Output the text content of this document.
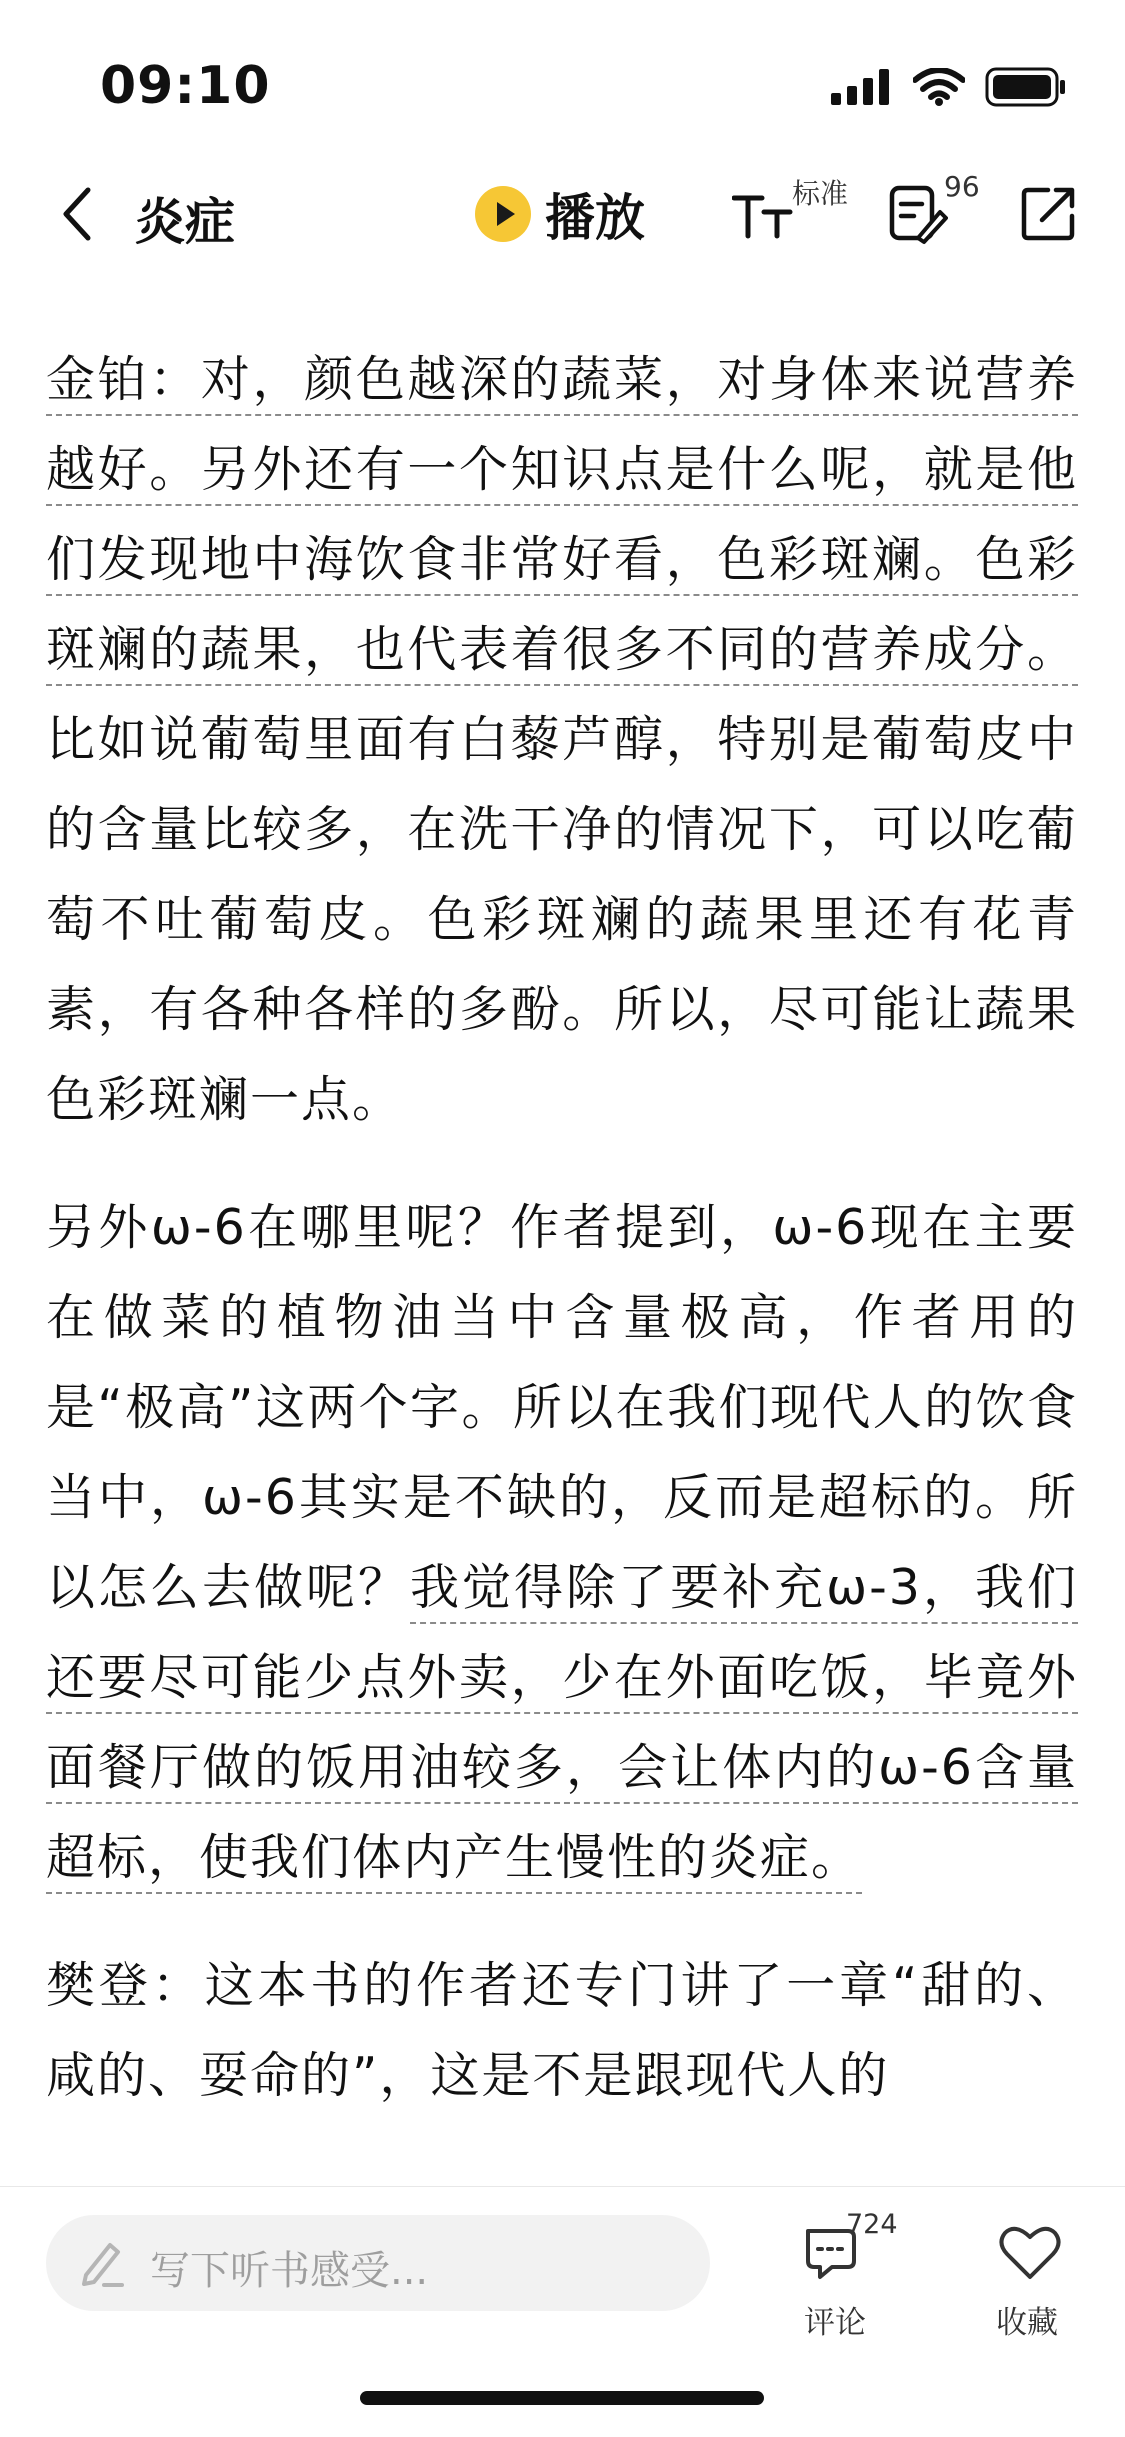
09:10
炎症	播放	标准	96

金铂：对，颜色越深的蔬菜，对身体来说营养越好。另外还有一个知识点是什么呢，就是他们发现地中海饮食非常好看，色彩斑斓。色彩斑斓的蔬果，也代表着很多不同的营养成分。比如说葡萄里面有白藜芦醇，特别是葡萄皮中的含量比较多，在洗干净的情况下，可以吃葡萄不吐葡萄皮。色彩斑斓的蔬果里还有花青素，有各种各样的多酚。所以，尽可能让蔬果色彩斑斓一点。

另外ω-6在哪里呢？作者提到，ω-6现在主要在做菜的植物油当中含量极高，作者用的是“极高”这两个字。所以在我们现代人的饮食当中，ω-6其实是不缺的，反而是超标的。所以怎么去做呢？我觉得除了要补充ω-3，我们还要尽可能少点外卖，少在外面吃饭，毕竟外面餐厅做的饭用油较多，会让体内的ω-6含量超标，使我们体内产生慢性的炎症。

樊登：这本书的作者还专门讲了一章“甜的、咸的、耍命的”，这是不是跟现代人的

写下听书感受...
724
评论	收藏
